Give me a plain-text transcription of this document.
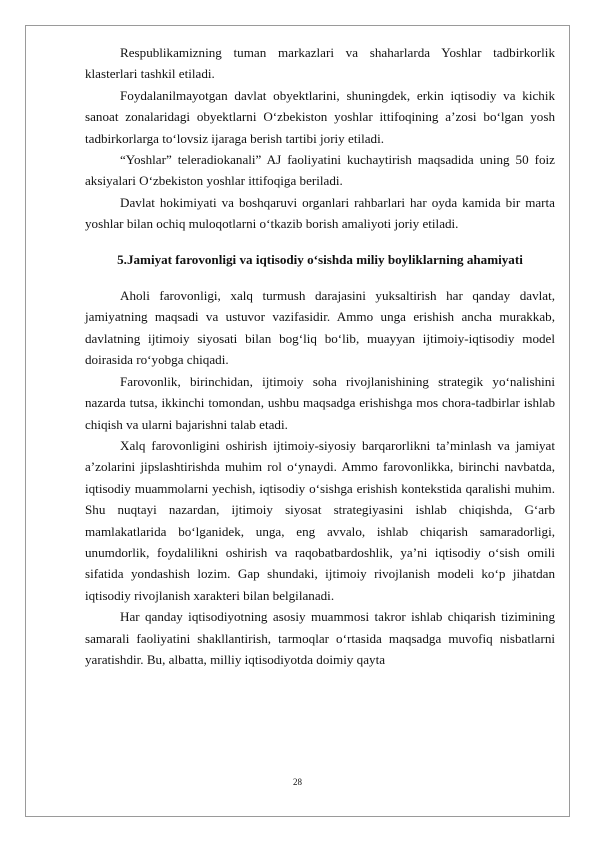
Respublikamizning tuman markazlari va shaharlarda Yoshlar tadbirkorlik klasterlari tashkil etiladi.

Foydalanilmayotgan davlat obyektlarini, shuningdek, erkin iqtisodiy va kichik sanoat zonalaridagi obyektlarni O‘zbekiston yoshlar ittifoqining a’zosi bo‘lgan yosh tadbirkorlarga to‘lovsiz ijaraga berish tartibi joriy etiladi.

“Yoshlar” teleradiokanali” AJ faoliyatini kuchaytirish maqsadida uning 50 foiz aksiyalari O‘zbekiston yoshlar ittifoqiga beriladi.

Davlat hokimiyati va boshqaruvi organlari rahbarlari har oyda kamida bir marta yoshlar bilan ochiq muloqotlarni o‘tkazib borish amaliyoti joriy etiladi.

5.Jamiyat farovonligi va iqtisodiy o‘sishda miliy boyliklarning ahamiyati

Aholi farovonligi, xalq turmush darajasini yuksaltirish har qanday davlat, jamiyatning maqsadi va ustuvor vazifasidir. Ammo unga erishish ancha murakkab, davlatning ijtimoiy siyosati bilan bogʻliq boʻlib, muayyan ijtimoiy-iqtisodiy model doirasida roʻyobga chiqadi.

Farovonlik, birinchidan, ijtimoiy soha rivojlanishining strategik yoʻnalishini nazarda tutsa, ikkinchi tomondan, ushbu maqsadga erishishga mos chora-tadbirlar ishlab chiqish va ularni bajarishni talab etadi.

Xalq farovonligini oshirish ijtimoiy-siyosiy barqarorlikni taʼminlash va jamiyat aʼzolarini jipslashtirishda muhim rol oʻynaydi. Ammo farovonlikka, birinchi navbatda, iqtisodiy muammolarni yechish, iqtisodiy oʻsishga erishish kontekstida qaralishi muhim. Shu nuqtayi nazardan, ijtimoiy siyosat strategiyasini ishlab chiqishda, Gʻarb mamlakatlarida boʻlganidek, unga, eng avvalo, ishlab chiqarish samaradorligi, unumdorlik, foydalilikni oshirish va raqobatbardoshlik, yaʼni iqtisodiy oʻsish omili sifatida yondashish lozim. Gap shundaki, ijtimoiy rivojlanish modeli koʻp jihatdan iqtisodiy rivojlanish xarakteri bilan belgilanadi.

Har qanday iqtisodiyotning asosiy muammosi takror ishlab chiqarish tizimining samarali faoliyatini shakllantirish, tarmoqlar oʻrtasida maqsadga muvofiq nisbatlarni yaratishdir. Bu, albatta, milliy iqtisodiyotda doimiy qayta

28
